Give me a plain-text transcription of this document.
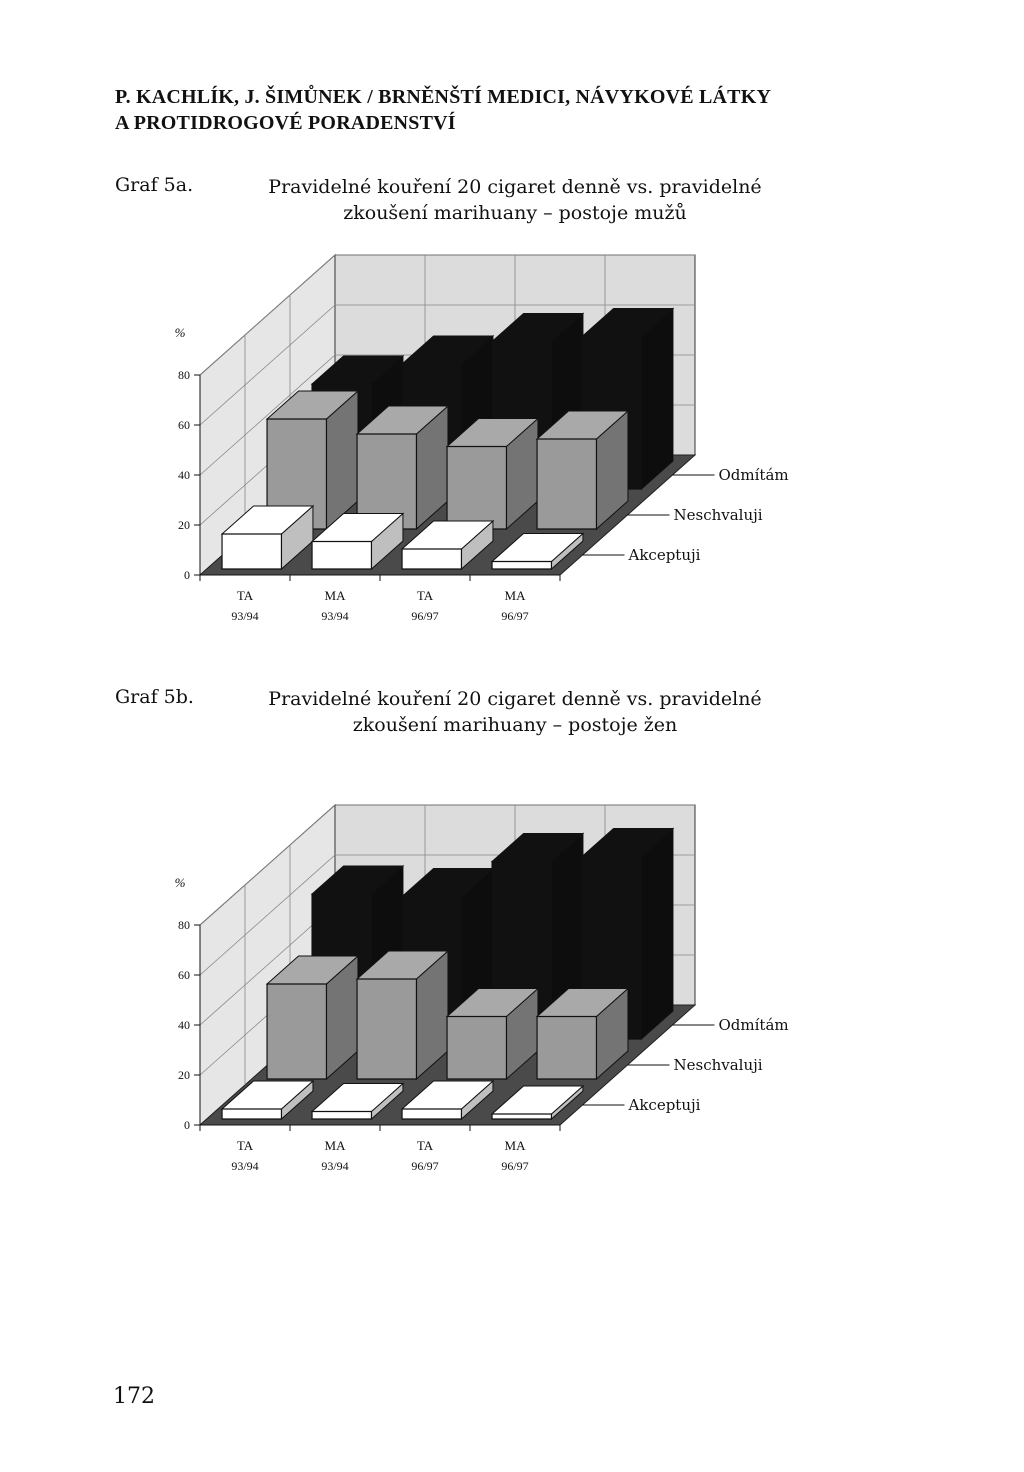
P. KACHLÍK, J. ŠIMŮNEK / BRNĚNŠTÍ MEDICI, NÁVYKOVÉ LÁTKY
A PROTIDROGOVÉ PORADENSTVÍ
Graf 5a.	Pravidelné kouření 20 cigaret denně vs. pravidelné
zkoušení marihuany – postoje mužů
0
20
40
60
80
%
TA
93/94
MA
93/94
TA
96/97
MA
96/97
Akceptuji
Neschvaluji
Odmítám
Graf 5b.	Pravidelné kouření 20 cigaret denně vs. pravidelné
zkoušení marihuany – postoje žen
0
20
40
60
80
%
TA
93/94
MA
93/94
TA
96/97
MA
96/97
Akceptuji
Neschvaluji
Odmítám
172
